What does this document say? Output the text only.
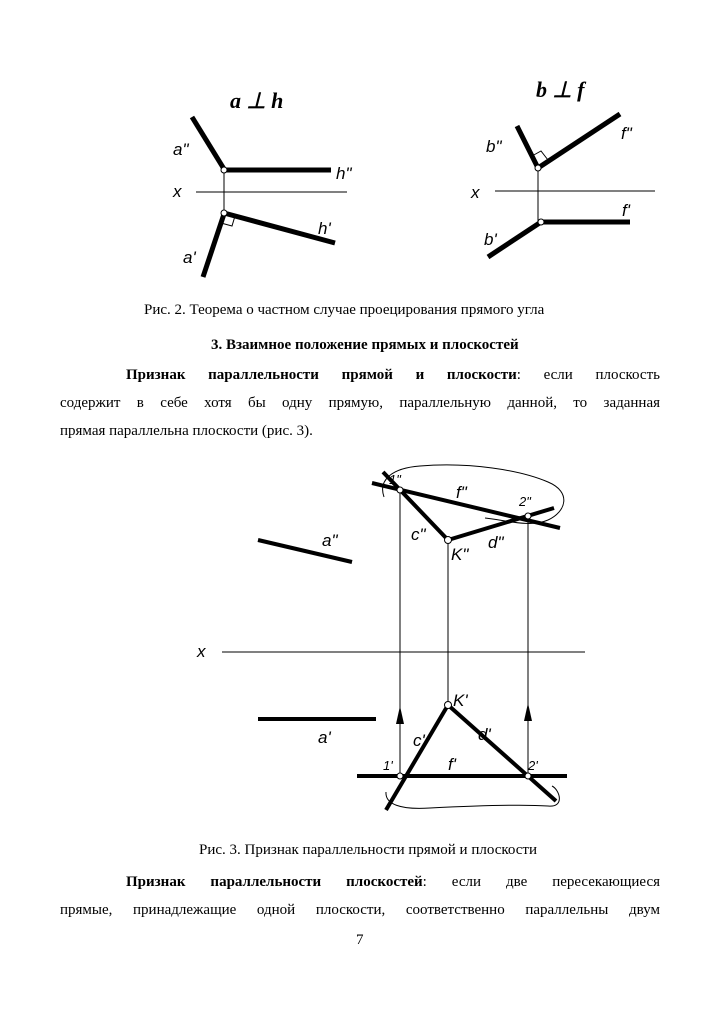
a ⊥ h
a"
h"
x
h'
a'
b ⊥ f
b"
f"
x
f'
b'
Рис. 2. Теорема о частном случае проецирования прямого угла
3. Взаимное положение прямых и плоскостей
Признак параллельности прямой и плоскости: если плоскость
содержит в себе хотя бы одну прямую, параллельную данной, то заданная
прямая параллельна плоскости (рис. 3).
1"
f"	2"
c"	d"
K"
a"
x
K'
c'	d'
a'
1'	f'	2'
Рис. 3. Признак параллельности прямой и плоскости
Признак параллельности плоскостей: если две пересекающиеся
прямые, принадлежащие одной плоскости, соответственно параллельны двум
7
